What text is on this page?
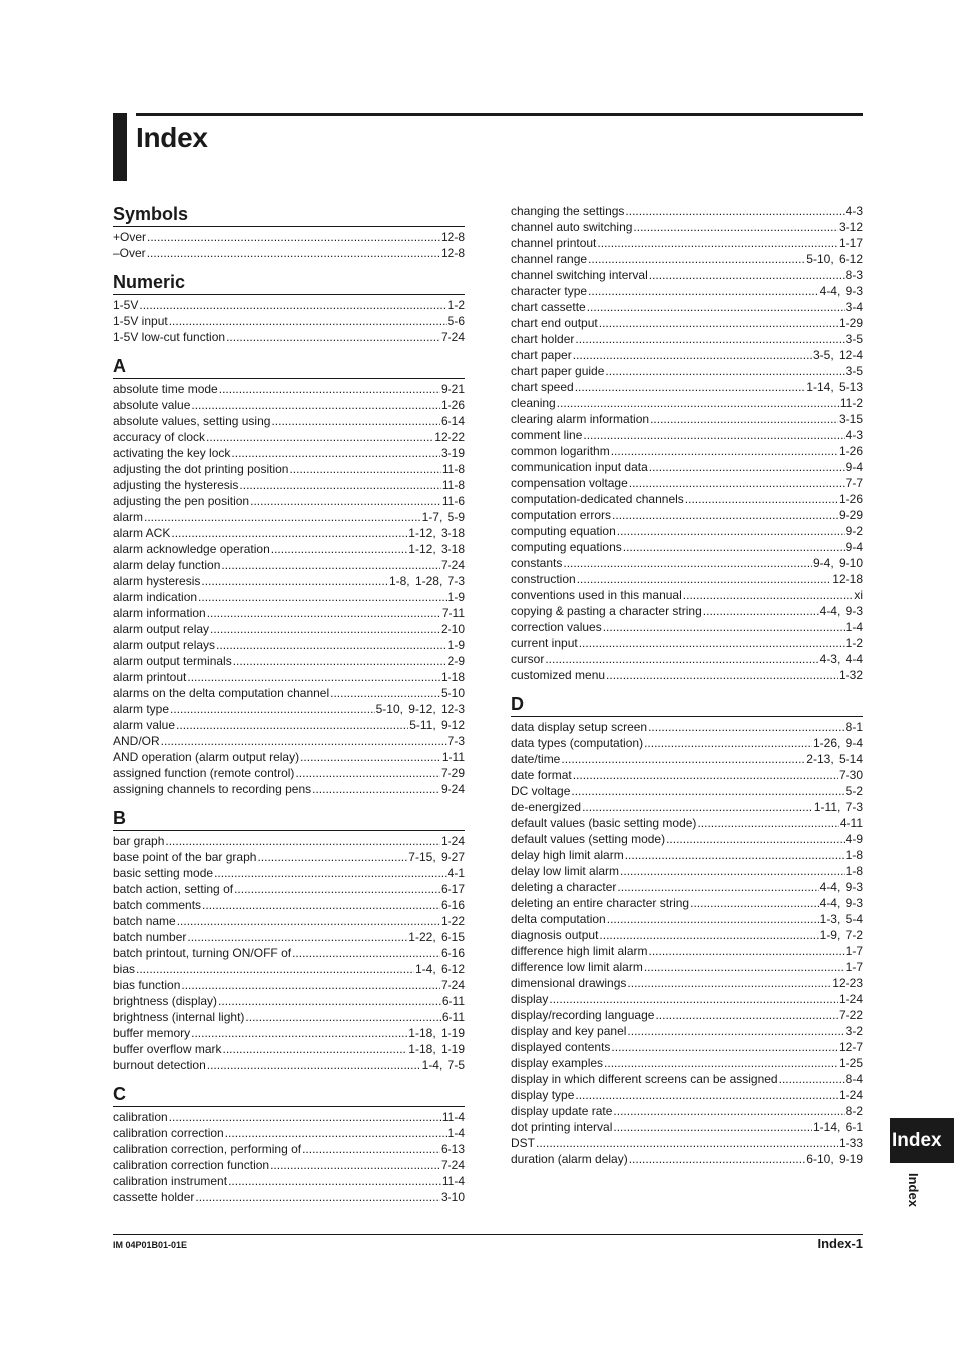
Index
Symbols
+Over .....	12-8
–Over .....	12-8
Numeric
1-5V .....	1-2
1-5V input .....	5-6
1-5V low-cut function .....	7-24
A
absolute time mode .....	9-21
absolute value .....	1-26
absolute values, setting using .....	6-14
accuracy of clock .....	12-22
activating the key lock .....	3-19
adjusting the dot printing position .....	11-8
adjusting the hysteresis .....	11-8
adjusting the pen position .....	11-6
alarm .....	1-7, 5-9
alarm ACK .....	1-12, 3-18
alarm acknowledge operation .....	1-12, 3-18
alarm delay function .....	7-24
alarm hysteresis .....	1-8, 1-28, 7-3
alarm indication .....	1-9
alarm information .....	7-11
alarm output relay .....	2-10
alarm output relays .....	1-9
alarm output terminals .....	2-9
alarm printout .....	1-18
alarms on the delta computation channel .....	5-10
alarm type .....	5-10, 9-12, 12-3
alarm value .....	5-11, 9-12
AND/OR .....	7-3
AND operation (alarm output relay) .....	1-11
assigned function (remote control) .....	7-29
assigning channels to recording pens .....	9-24
B
bar graph .....	1-24
base point of the bar graph .....	7-15, 9-27
basic setting mode .....	4-1
batch action, setting of .....	6-17
batch comments .....	6-16
batch name .....	1-22
batch number .....	1-22, 6-15
batch printout, turning ON/OFF of .....	6-16
bias .....	1-4, 6-12
bias function .....	7-24
brightness (display) .....	6-11
brightness (internal light) .....	6-11
buffer memory .....	1-18, 1-19
buffer overflow mark .....	1-18, 1-19
burnout detection .....	1-4, 7-5
C
calibration .....	11-4
calibration correction .....	1-4
calibration correction, performing of .....	6-13
calibration correction function .....	7-24
calibration instrument .....	11-4
cassette holder .....	3-10
changing the settings .....	4-3
channel auto switching .....	3-12
channel printout .....	1-17
channel range .....	5-10, 6-12
channel switching interval .....	8-3
character type .....	4-4, 9-3
chart cassette .....	3-4
chart end output .....	1-29
chart holder .....	3-5
chart paper .....	3-5, 12-4
chart paper guide .....	3-5
chart speed .....	1-14, 5-13
cleaning .....	11-2
clearing alarm information .....	3-15
comment line .....	4-3
common logarithm .....	1-26
communication input data .....	9-4
compensation voltage .....	7-7
computation-dedicated channels .....	1-26
computation errors .....	9-29
computing equation .....	9-2
computing equations .....	9-4
constants .....	9-4, 9-10
construction .....	12-18
conventions used in this manual .....	xi
copying & pasting a character string .....	4-4, 9-3
correction values .....	1-4
current input .....	1-2
cursor .....	4-3, 4-4
customized menu .....	1-32
D
data display setup screen .....	8-1
data types (computation) .....	1-26, 9-4
date/time .....	2-13, 5-14
date format .....	7-30
DC voltage .....	5-2
de-energized .....	1-11, 7-3
default values (basic setting mode) .....	4-11
default values (setting mode) .....	4-9
delay high limit alarm .....	1-8
delay low limit alarm .....	1-8
deleting a character .....	4-4, 9-3
deleting an entire character string .....	4-4, 9-3
delta computation .....	1-3, 5-4
diagnosis output .....	1-9, 7-2
difference high limit alarm .....	1-7
difference low limit alarm .....	1-7
dimensional drawings .....	12-23
display .....	1-24
display/recording language .....	7-22
display and key panel .....	3-2
displayed contents .....	12-7
display examples .....	1-25
display in which different screens can be assigned .....	8-4
display type .....	1-24
display update rate .....	8-2
dot printing interval .....	1-14, 6-1
DST .....	1-33
duration (alarm delay) .....	6-10, 9-19
Index
Index
IM 04P01B01-01E	Index-1
